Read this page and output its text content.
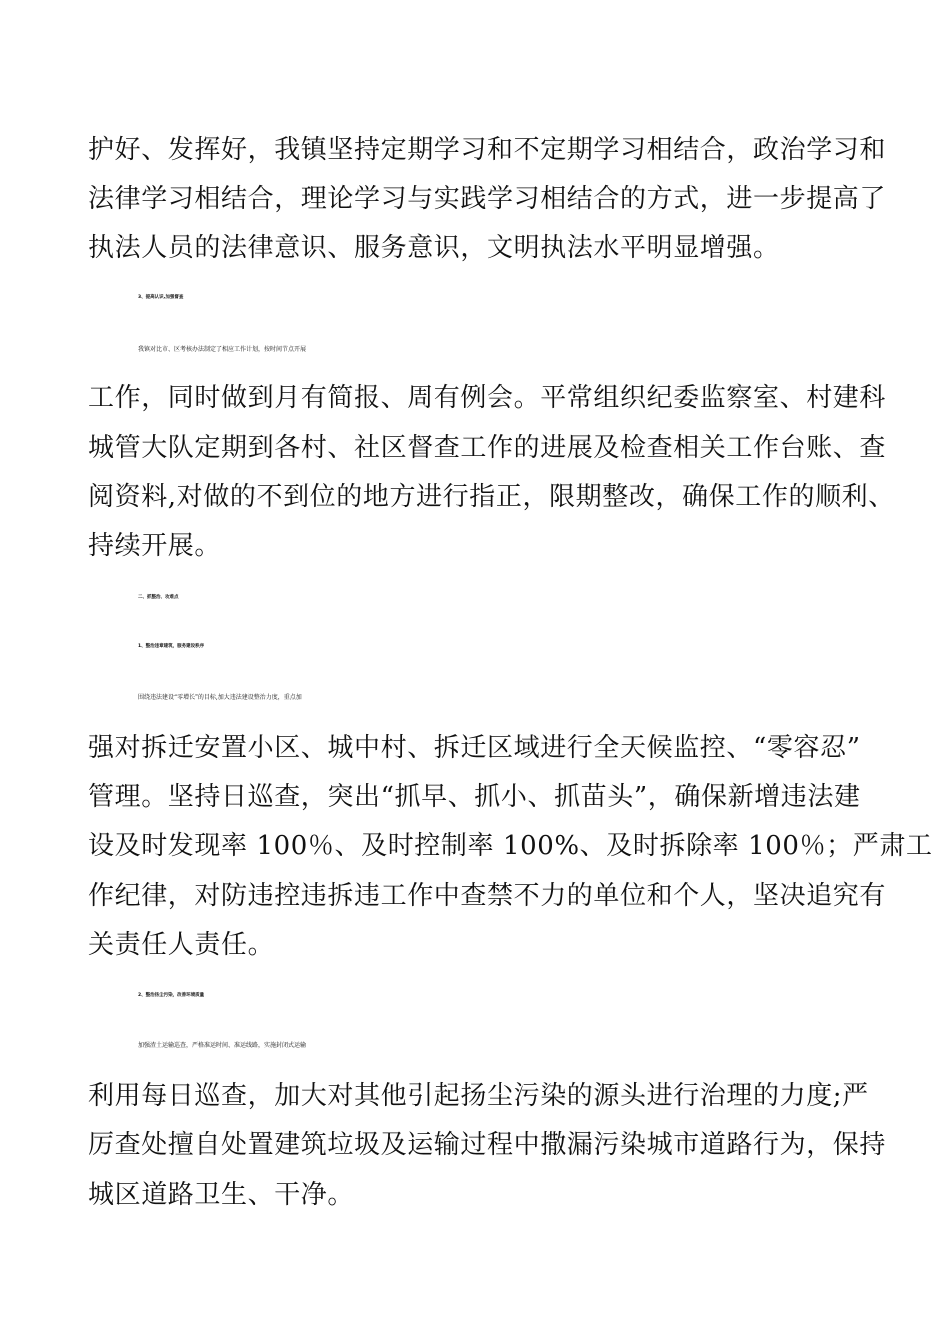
护好、发挥好，我镇坚持定期学习和不定期学习相结合，政治学习和
法律学习相结合，理论学习与实践学习相结合的方式，进一步提高了
执法人员的法律意识、服务意识，文明执法水平明显增强。
3、提高认识,加强督查
我镇对比市、区考核办法制定了相应工作计划，按时间节点开展
工作，同时做到月有简报、周有例会。平常组织纪委监察室、村建科
城管大队定期到各村、社区督查工作的进展及检查相关工作台账、查
阅资料,对做的不到位的地方进行指正，限期整改，确保工作的顺利、
持续开展。
二、抓整治、攻难点
1、整治违章建筑，服务建设秩序
围绕违法建设“零增长"的目标,加大违法建设整治力度，重点加
强对拆迁安置小区、城中村、拆迁区域进行全天候监控、“零容忍”
管理。坚持日巡查，突出“抓早、抓小、抓苗头”，确保新增违法建
设及时发现率 100％、及时控制率 100%、及时拆除率 100％；严肃工
作纪律，对防违控违拆违工作中查禁不力的单位和个人，坚决追究有
关责任人责任。
2、整治扬尘污染，改善环境质量
加强渣土运输巡查，严格准运时间、准运线路，实施封闭式运输
利用每日巡查，加大对其他引起扬尘污染的源头进行治理的力度;严
厉查处擅自处置建筑垃圾及运输过程中撒漏污染城市道路行为，保持
城区道路卫生、干净。
